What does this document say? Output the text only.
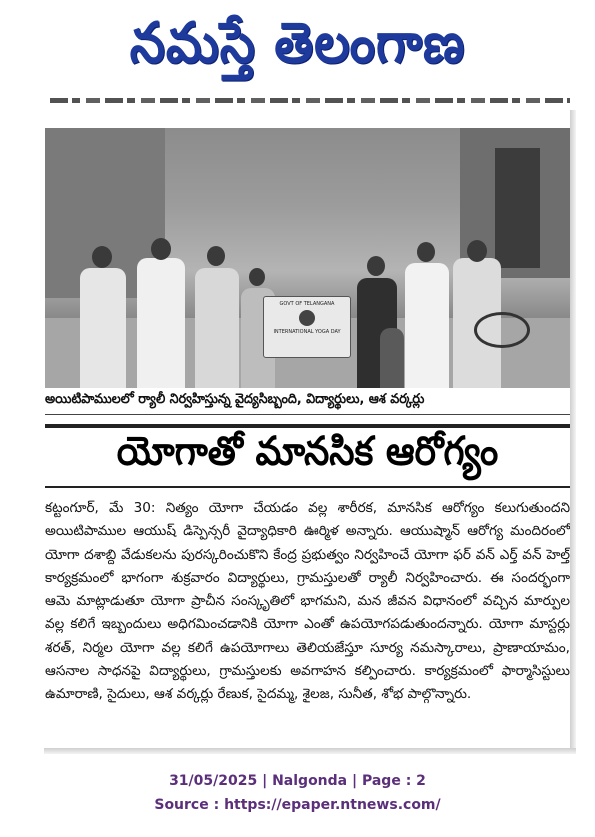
నమస్తే తెలంగాణ
GOVT OF TELANGANA
INTERNATIONAL YOGA DAY
అయిటిపాములలో ర్యాలీ నిర్వహిస్తున్న వైద్యసిబ్బంది, విద్యార్థులు, ఆశ వర్కర్లు
యోగాతో మానసిక ఆరోగ్యం

కట్టంగూర్, మే 30: నిత్యం యోగా చేయడం వల్ల శారీరక, మానసిక ఆరోగ్యం కలుగుతుందని అయిటిపాముల ఆయుష్ డిస్పెన్సరీ వైద్యాధికారి ఊర్మిళ అన్నారు. ఆయుష్మాన్ ఆరోగ్య మందిరంలో యోగా దశాబ్ది వేడుకలను పురస్కరించుకొని కేంద్ర ప్రభుత్వం నిర్వహించే యోగా ఫర్ వన్ ఎర్త్ వన్ హెల్త్ కార్యక్రమంలో భాగంగా శుక్రవారం విద్యార్థులు, గ్రామస్తులతో ర్యాలీ నిర్వహించారు. ఈ సందర్భంగా ఆమె మాట్లాడుతూ యోగా ప్రాచీన సంస్కృతిలో భాగమని, మన జీవన విధానంలో వచ్చిన మార్పుల వల్ల కలిగే ఇబ్బందులు అధిగమించడానికి యోగా ఎంతో ఉపయోగపడుతుందన్నారు. యోగా మాస్టర్లు శరత్, నిర్మల యోగా వల్ల కలిగే ఉపయోగాలు తెలియజేస్తూ సూర్య నమస్కారాలు, ప్రాణాయామం, ఆసనాల సాధనపై విద్యార్థులు, గ్రామస్తులకు అవగాహన కల్పించారు. కార్యక్రమంలో ఫార్మాసిస్టులు ఉమారాణి, సైదులు, ఆశ వర్కర్లు రేణుక, సైదమ్మ, శైలజ, సునీత, శోభ పాల్గొన్నారు.

31/05/2025 | Nalgonda | Page : 2
Source : https://epaper.ntnews.com/
